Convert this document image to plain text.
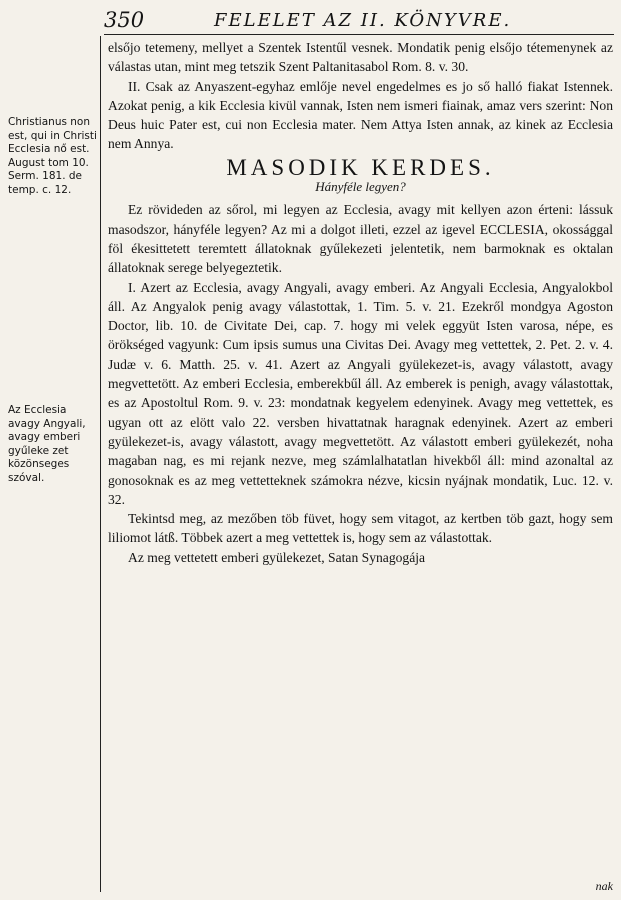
350	FELELET AZ II. KÖNYVRE.
Christianus non est, qui in Christi Ecclesia nő est. August tom 10. Serm. 181. de temp. c. 12.
Az Ecclesia avagy Angyali, avagy emberi gyűleke zet közönseges szóval.

elsőjo tetemeny, mellyet a Szentek Istentűl vesnek. Mondatik penig elsőjo tétemenynek az válastas utan, mint meg tetszik Szent Paltanitasabol Rom. 8. v. 30.

II. Csak az Anyaszent-egyhaz emlője nevel engedelmes es jo ső halló fiakat Istennek. Azokat penig, a kik Ecclesia kivül vannak, Isten nem ismeri fiainak, amaz vers szerint: Non Deus huic Pater est, cui non Ecclesia mater. Nem Attya Isten annak, az kinek az Ecclesia nem Annya.

MASODIK KERDES.
Hányféle legyen?

Ez rövideden az sőrol, mi legyen az Ecclesia, avagy mit kellyen azon érteni: lássuk masodszor, hányféle legyen? Az mi a dolgot illeti, ezzel az igevel ECCLESIA, okossággal föl ékesittetett teremtett állatoknak gyűlekezeti jelentetik, nem barmoknak es oktalan állatoknak serege belyegeztetik.

I. Azert az Ecclesia, avagy Angyali, avagy emberi. Az Angyali Ecclesia, Angyalokbol áll. Az Angyalok penig avagy válastottak, 1. Tim. 5. v. 21. Ezekről mondgya Agoston Doctor, lib. 10. de Civitate Dei, cap. 7. hogy mi velek eggyüt Isten varosa, népe, es örökséged vagyunk: Cum ipsis sumus una Civitas Dei. Avagy meg vettettek, 2. Pet. 2. v. 4. Judæ v. 6. Matth. 25. v. 41. Azert az Angyali gyülekezet-is, avagy válastott, avagy megvettetött. Az emberi Ecclesia, emberekbűl áll. Az emberek is penigh, avagy válastottak, es az Apostoltul Rom. 9. v. 23: mondatnak kegyelem edenyinek. Avagy meg vettettek, es ugyan ott az elött valo 22. versben hivattatnak haragnak edenyinek. Azert az emberi gyülekezet-is, avagy válastott, avagy megvettetött. Az válastott emberi gyülekezét, noha magaban nag, es mi rejank nezve, meg számlalhatatlan hivekből áll: mind azonaltal az gonosoknak es az meg vettetteknek számokra nézve, kicsin nyájnak mondatik, Luc. 12. v. 32.

Tekintsd meg, az mezőben töb füvet, hogy sem vitagot, az kertben töb gazt, hogy sem liliomot látß. Többek azert a meg vettettek is, hogy sem az válastottak.

Az meg vettetett emberi gyülekezet, Satan Synagogája

nak
